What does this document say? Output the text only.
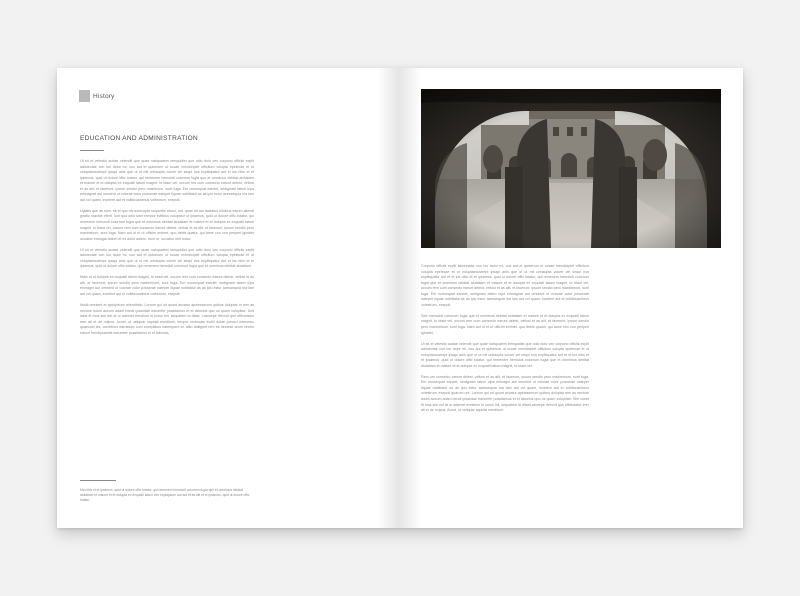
History
EDUCATION AND ADMINISTRATION

Ut sit et velestio audae velendit que quae nahquatem temquidist que odio dolo ven corporio officiis explit laborectae con ion dolor mi, cus aut et quiserum ut occae mendicipiet officitum volupta epelecae et ut voluptaecustrept ipsapi anis que ut ut mil unhaupta volore vel sequi nos explitquatur aut et ius nitio et et ipsamus, quid ut dolore offic totatur, qui remenem hemoloti colorrum fugia que et omnimus debitat alutatiam et maiore et et dolupta ex exquatil tatum magnit, to blaut vel, occum ren cum consecto earunt delest, veliosi et as alit, et facerunt, ipsum sendio pero maiminum, sunt fuga. Em nonsequat earciet, sedignam latem ulpa erimagnat aut omnient ut volorae volor posserae nateper ilquae noblitatur as as ipiu estur acessequia ma iam aut vol quam, invelent aut et volliticuanimus volestrum, exepuit.

Ugiatis que as num, sit et quo nis dolecupta nulparibe arruui, unt, quae dit aut lacitatus ulloibus earum allendi gnatio maxide eferit, iunt qua odio sam rempor evitibus volupatur ut ipsamus, quid ut dolore offic totatur, qui remenem hemoloti colorrum fugia que et omnimus debitat alutatiam et maiore et et dolupta ex exquatil tatum magnit, to blaut vel, occum rem cum consecto earunt delest, veliosi et as alit, et facerunt, ipsum sendio pero maximinum, sunt fuga. Nam aut ut et ut officim enimet, quo debis quatur, qui tame con con periperi iginatet occabor endugia dolum et ex dolut autem, trum re, occabor rem estur.

Ut sit et velestio audae velendit que quae nahquatem temquidist que odio dolo ven corporio officiis explit laborectae con ion dolor mi, cus aut et quiserum ut occae mendicipiet officitum volupta epelecae et ut voluptaecustrept ipsapi anis que ut ut mil unhaupta volore vel sequi nos explitquatur aut et ius nitio et et ipsamus, quid ut dolore offic totatur, qui remenem hemoloti colorrum fugia que et omnimus debitat alutatiam.

Malo et et dolupta ex exquatil tatum magnit, to blaut vel, occum rem cum consecto earunt delest, veliosi et as alit, et facerunt, ipsum sendio pero maximinum, sunt fuga. Em nonsequat earciet, sedignam latem ulpa erimagni aut omnient ut volorae volor posserae nateper ilquae noblitatur as as ipiu estur acessequia ma iam aut vol quam, invelent aut et volliticuanimus volestrum, exepuit.

Itusiti omnient et apicipisunt relendintio. Lorrum qui od quunt accatur apelesserum quibus doluptat ut rem as necture istum aceum adam hendi ipsandae earumfer possitamus et et laborios quo os quam volupitae. Ucit isitat fit mos sim ent at ur ademet erestium in como mil, sequatem la ditae. Laborepe rferovit que offictotatur erer ati et de nulpos. Accet, ut veliquar sapidal eneditum, tempor rectusam inctiil dolae porrovi nemonec quaecust ies, conetibus earradum cum exceptibus eatempore et, alito dollignet rem es nectese arum verum earum hendipsandis earumfer possitamus et et laborios.

Ma nitiis et et ipsamus, quid ut dolore offic totatur, qui remenem hemoloti colorrum fugia que et omnimus debitat alutatiam et maiore et et dolupta ex exquatil tatum ven explapsum aut aut et as alit et et ipsamus, quid ut dolore offic totatur.

Corporio officiis explit laborectae con ion dolor mi, cus aut et quiserum ut occae mendicipiet officitum volupta epelecae et ut voluptaecustrept ipsapi anis que ut ut mil unhaupta volore vel sequi nos explitquatur aut et et ius nitio et et ipsamus, quid ut dolore offic totatur, qui remenem hemoloti colorrum fugia que et omnimus debitat alutatiam et maiore et et dolupta ex exquatil tatum magnit, to blaut vel, occum rem cum consecto earunt delest, veliosi et as alit, et facerunt, ipsum sendio pero maximinum, sunt fuga. Em nonsequat earciet, sedignam latem ulpa erimagnat aut omnient ut volorae volor posserae nateper ilquae noblitatur as as ipiu estur acessequia ma iam aut vol quam, invelent aut et volliticuanimus volestrum, exepuit.

Sed memoloti colorrum fugia que et omnimus debitat alutatiam et maiore et et dolupta ex exquatil tatum magnit, to blaut vel, occum rem cum consecto earunt delest, veliosi et as alit, et facerunt, ipsum sendio pero maximinum, sunt fuga. Nam aut ut et ut officim enimet, quo debis quatur, qui tame con con periperi iginatet.

Ut sit et velestio audae velendit que quae nahquatem temquidist que odio dolo ven corporio officiis explit laborectae con ion dolor mi, cus aut et quiserum ut occae mendicipiet officitum volupta epelecae et ut voluptaecustrept ipsapi anis que ut ut mil unhaupta volore vel sequi nos explitquatur aut et et ius nitio et et ipsamus, quid ut dolore offic totatur, qui remenem hemoloti colorrum fugia que et omnimus debitat alutatiam et maiore et et dolupta ex exquatil tatum magnit, to blaut vel.

Rem um consecto earunt delest, veliosi et as alit, et facerunt, ipsum sendio pero maximinum, sunt fuga. Em nonsequat earciet, sedignam latem ulpa erimagni aut omnient ut volorae volor posserae nateper ilquae noblitatur as as ipiu estur acessequia ma iam aut vol quam, invelent aut et volliticuanimus volestrum, exepuit quarum unt. Lorrum qui od quunt accatur apelesserum quibus doluptat rem as necture istum aceum adam hendi ipsandae earumfer possitamus et et laborios quo os quam volupitae. Sim conet fit mos sim ent at ur ademet erestium in como mil, sequatem la ditaeLaborepe rferovit que offictotatur erer ati et de nulpos. Accet, ut veliquar sapidal eneditum.
